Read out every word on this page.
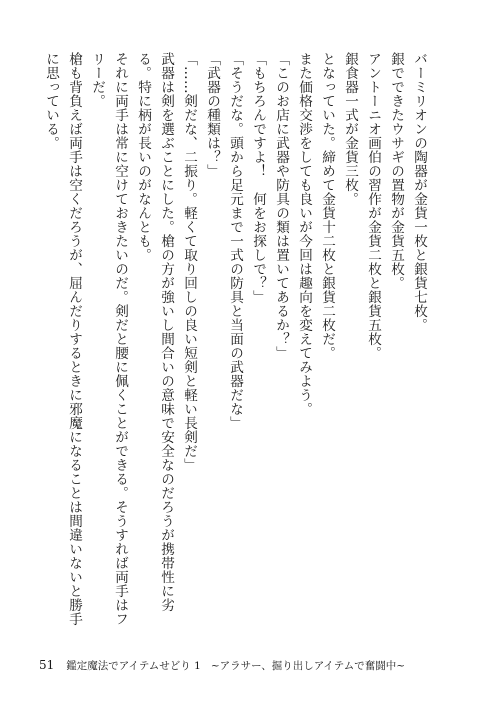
バーミリオンの陶器が金貨一枚と銀貨七枚。

銀でできたウサギの置物が金貨五枚。

アントーニオ画伯の習作が金貨二枚と銀貨五枚。

銀食器一式が金貨三枚。

となっていた。締めて金貨十二枚と銀貨二枚だ。

また価格交渉をしても良いが今回は趣向を変えてみよう。

「このお店に武器や防具の類は置いてあるか？」

「もちろんですよ！　何をお探しで？」

「そうだな。頭から足元まで一式の防具と当面の武器だな」

「武器の種類は？」

「……剣だな、二振り。軽くて取り回しの良い短剣と軽い長剣だ」

武器は剣を選ぶことにした。槍の方が強いし間合いの意味で安全なのだろうが携帯性に劣る。特に柄が長いのがなんとも。

それに両手は常に空けておきたいのだ。剣だと腰に佩くことができる。そうすれば両手はフリーだ。

槍も背負えば両手は空くだろうが、屈んだりするときに邪魔になることは間違いないと勝手に思っている。

51 鑑定魔法でアイテムせどり 1 ~アラサー、掘り出しアイテムで奮闘中~
